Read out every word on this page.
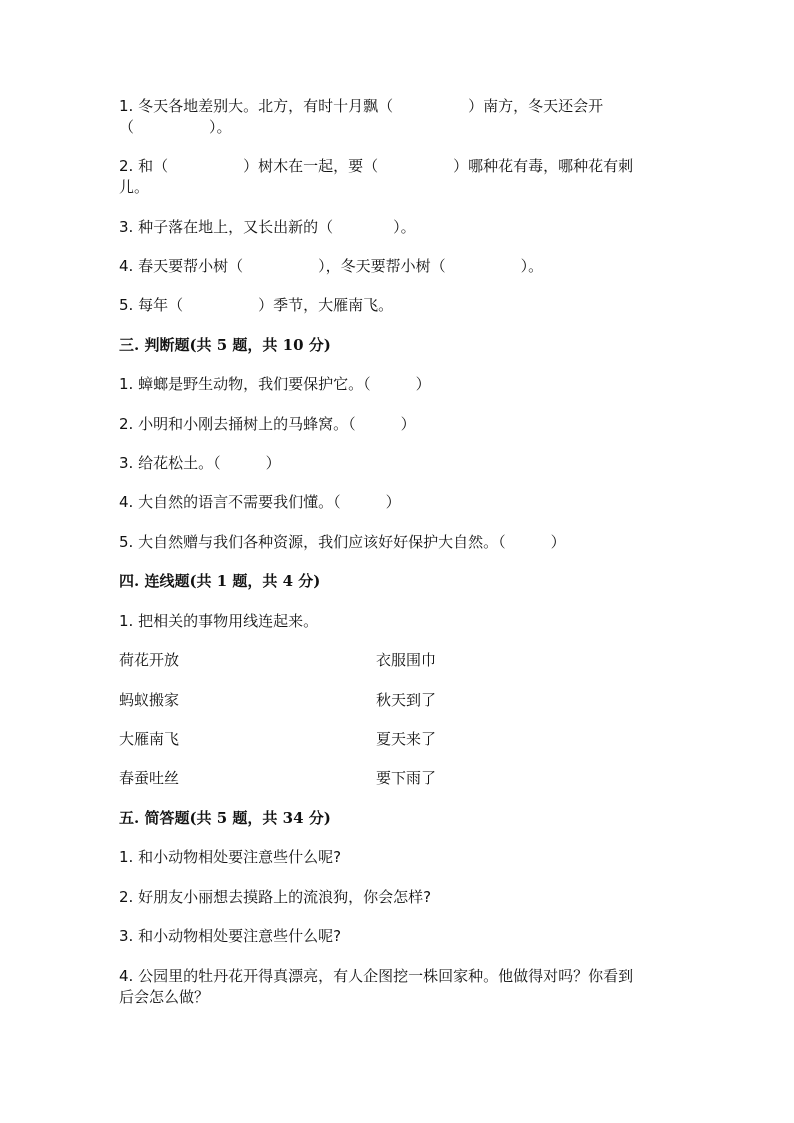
1. 冬天各地差别大。北方，有时十月飘（　　　　　）南方，冬天还会开
（　　　　　）。
2. 和（　　　　　）树木在一起，要（　　　　　）哪种花有毒，哪种花有刺
儿。
3. 种子落在地上，又长出新的（　　　　）。
4. 春天要帮小树（　　　　　），冬天要帮小树（　　　　　）。
5. 每年（　　　　　）季节，大雁南飞。
三. 判断题(共 5 题，共 10 分)
1. 蟑螂是野生动物，我们要保护它。（　　　）
2. 小明和小刚去捅树上的马蜂窝。（　　　）
3. 给花松土。（　　　）
4. 大自然的语言不需要我们懂。（　　　）
5. 大自然赠与我们各种资源，我们应该好好保护大自然。（　　　）
四. 连线题(共 1 题，共 4 分)
1. 把相关的事物用线连起来。
荷花开放	衣服围巾
蚂蚁搬家	秋天到了
大雁南飞	夏天来了
春蚕吐丝	要下雨了
五. 简答题(共 5 题，共 34 分)
1. 和小动物相处要注意些什么呢?
2. 好朋友小丽想去摸路上的流浪狗，你会怎样?
3. 和小动物相处要注意些什么呢?
4. 公园里的牡丹花开得真漂亮，有人企图挖一株回家种。他做得对吗？你看到
后会怎么做？
